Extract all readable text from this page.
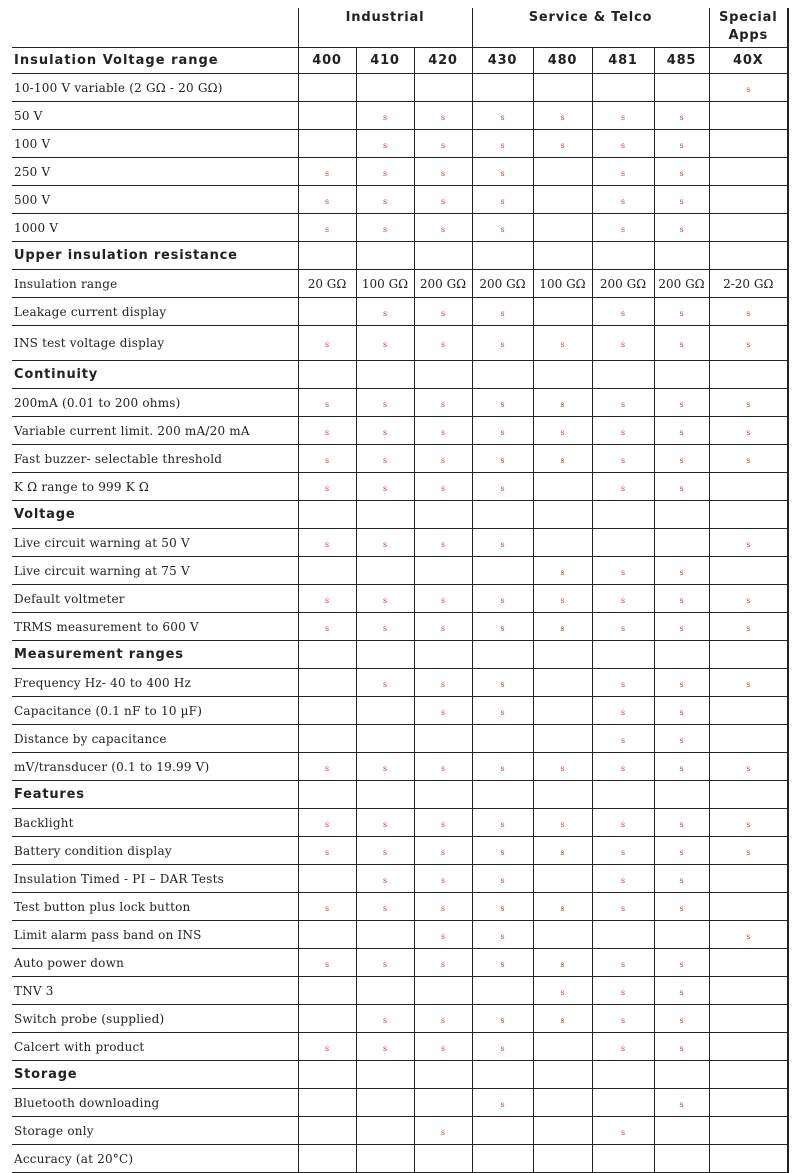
	Industrial			Service & Telco				Special
Apps
Insulation Voltage range	400	410	420	430	480	481	485	40X
10-100 V variable (2 GΩ - 20 GΩ)								s
50 V		s	s	s	s	s	s	
100 V		s	s	s	s	s	s	
250 V	s	s	s	s		s	s	
500 V	s	s	s	s		s	s	
1000 V	s	s	s	s		s	s	
Upper insulation resistance								
Insulation range	20 GΩ	100 GΩ	200 GΩ	200 GΩ	100 GΩ	200 GΩ	200 GΩ	2-20 GΩ
Leakage current display		s	s	s		s	s	s
INS test voltage display	s	s	s	s	s	s	s	s
Continuity								
200mA (0.01 to 200 ohms)	s	s	s	s	s	s	s	s
Variable current limit. 200 mA/20 mA	s	s	s	s	s	s	s	s
Fast buzzer- selectable threshold	s	s	s	s	s	s	s	s
K Ω range to 999 K Ω	s	s	s	s		s	s	
Voltage								
Live circuit warning at 50 V	s	s	s	s				s
Live circuit warning at 75 V					s	s	s	
Default voltmeter	s	s	s	s	s	s	s	s
TRMS measurement to 600 V	s	s	s	s	s	s	s	s
Measurement ranges								
Frequency Hz- 40 to 400 Hz		s	s	s		s	s	s
Capacitance (0.1 nF to 10 µF)			s	s		s	s	
Distance by capacitance						s	s	
mV/transducer (0.1 to 19.99 V)	s	s	s	s	s	s	s	s
Features								
Backlight	s	s	s	s	s	s	s	s
Battery condition display	s	s	s	s	s	s	s	s
Insulation Timed - PI – DAR Tests		s	s	s		s	s	
Test button plus lock button	s	s	s	s	s	s	s	
Limit alarm pass band on INS			s	s				s
Auto power down	s	s	s	s	s	s	s	
TNV 3					s	s	s	
Switch probe (supplied)		s	s	s	s	s	s	
Calcert with product	s	s	s	s		s	s	
Storage								
Bluetooth downloading				s			s	
Storage only			s			s		
Accuracy (at 20°C)								
